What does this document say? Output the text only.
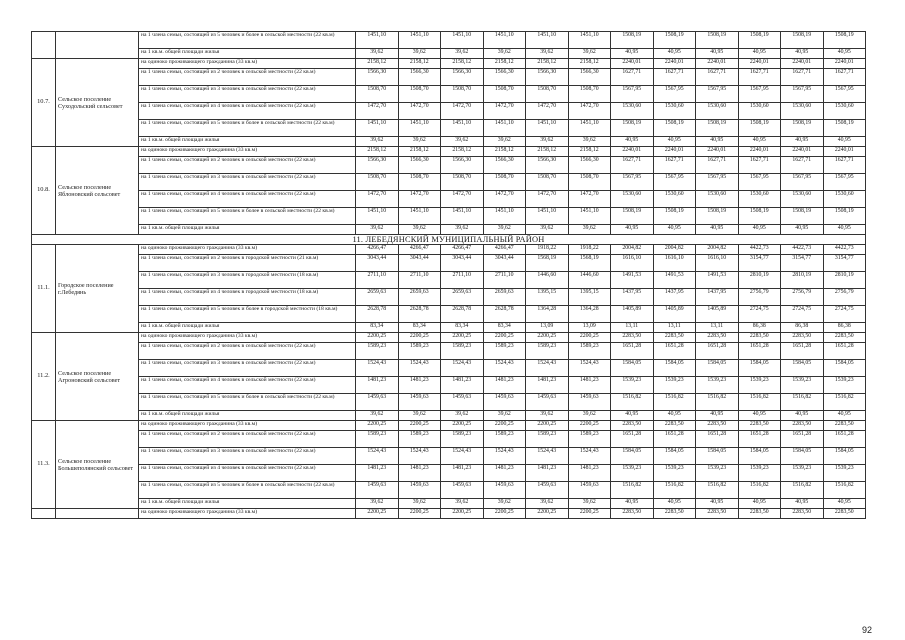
		на 1 члена семьи, состоящей из 5 человек и более в сельской местности (22 кв.м)	1451,10	1451,10	1451,10	1451,10	1451,10	1451,10	1508,19	1508,19	1508,19	1508,19	1508,19	1508,19
		на 1 кв.м. общей площади жилья	39,62	39,62	39,62	39,62	39,62	39,62	40,95	40,95	40,95	40,95	40,95	40,95
10.7.	Сельское поселение Суходольский сельсовет	на одиноко проживающего гражданина (33 кв.м)	2158,12	2158,12	2158,12	2158,12	2158,12	2158,12	2240,01	2240,01	2240,01	2240,01	2240,01	2240,01
		на 1 члена семьи, состоящей из 2 человек в сельской местности (22 кв.м)	1566,30	1566,30	1566,30	1566,30	1566,30	1566,30	1627,71	1627,71	1627,71	1627,71	1627,71	1627,71
		на 1 члена семьи, состоящей из 3 человек в сельской местности (22 кв.м)	1508,70	1508,70	1508,70	1508,70	1508,70	1508,70	1567,95	1567,95	1567,95	1567,95	1567,95	1567,95
		на 1 члена семьи, состоящей из 4 человек в сельской местности (22 кв.м)	1472,70	1472,70	1472,70	1472,70	1472,70	1472,70	1530,60	1530,60	1530,60	1530,60	1530,60	1530,60
		на 1 члена семьи, состоящей из 5 человек и более в сельской местности (22 кв.м)	1451,10	1451,10	1451,10	1451,10	1451,10	1451,10	1508,19	1508,19	1508,19	1508,19	1508,19	1508,19
		на 1 кв.м. общей площади жилья	39,62	39,62	39,62	39,62	39,62	39,62	40,95	40,95	40,95	40,95	40,95	40,95
10.8.	Сельское поселение Яблоновский сельсовет	на одиноко проживающего гражданина (33 кв.м)	2158,12	2158,12	2158,12	2158,12	2158,12	2158,12	2240,01	2240,01	2240,01	2240,01	2240,01	2240,01
		на 1 члена семьи, состоящей из 2 человек в сельской местности (22 кв.м)	1566,30	1566,30	1566,30	1566,30	1566,30	1566,30	1627,71	1627,71	1627,71	1627,71	1627,71	1627,71
		на 1 члена семьи, состоящей из 3 человек в сельской местности (22 кв.м)	1508,70	1508,70	1508,70	1508,70	1508,70	1508,70	1567,95	1567,95	1567,95	1567,95	1567,95	1567,95
		на 1 члена семьи, состоящей из 4 человек в сельской местности (22 кв.м)	1472,70	1472,70	1472,70	1472,70	1472,70	1472,70	1530,60	1530,60	1530,60	1530,60	1530,60	1530,60
		на 1 члена семьи, состоящей из 5 человек и более в сельской местности (22 кв.м)	1451,10	1451,10	1451,10	1451,10	1451,10	1451,10	1508,19	1508,19	1508,19	1508,19	1508,19	1508,19
		на 1 кв.м. общей площади жилья	39,62	39,62	39,62	39,62	39,62	39,62	40,95	40,95	40,95	40,95	40,95	40,95
11. ЛЕБЕДЯНСКИЙ МУНИЦИПАЛЬНЫЙ РАЙОН														
11.1.	Городское поселение г.Лебедянь	на одиноко проживающего гражданина (33 кв.м)	4266,47	4266,47	4266,47	4266,47	1918,22	1918,22	2004,82	2004,82	2004,82	4422,73	4422,73	4422,73
		на 1 члена семьи, состоящей из 2 человек в городской местности (21 кв.м)	3043,44	3043,44	3043,44	3043,44	1568,19	1568,19	1616,10	1616,10	1616,10	3154,77	3154,77	3154,77
		на 1 члена семьи, состоящей из 3 человек в городской местности (18 кв.м)	2711,10	2711,10	2711,10	2711,10	1446,60	1446,60	1491,53	1491,53	1491,53	2810,19	2810,19	2810,19
		на 1 члена семьи, состоящей из 4 человек в городской местности (18 кв.м)	2659,63	2659,63	2659,63	2659,63	1395,15	1395,15	1437,95	1437,95	1437,95	2756,79	2756,79	2756,79
		на 1 члена семьи, состоящей из 5 человек и более в городской местности (18 кв.м)	2628,78	2628,78	2628,78	2628,78	1364,28	1364,28	1405,89	1405,89	1405,89	2724,75	2724,75	2724,75
		на 1 кв.м. общей площади жилья	83,34	83,34	83,34	83,34	13,09	13,09	13,11	13,11	13,11	86,38	86,38	86,38
11.2.	Сельское поселение Агроновский сельсовет	на одиноко проживающего гражданина (33 кв.м)	2200,25	2200,25	2200,25	2200,25	2200,25	2200,25	2283,50	2283,50	2283,50	2283,50	2283,50	2283,50
		на 1 члена семьи, состоящей из 2 человек в сельской местности (22 кв.м)	1589,23	1589,23	1589,23	1589,23	1589,23	1589,23	1651,28	1651,28	1651,28	1651,28	1651,28	1651,28
		на 1 члена семьи, состоящей из 3 человек в сельской местности (22 кв.м)	1524,43	1524,43	1524,43	1524,43	1524,43	1524,43	1584,05	1584,05	1584,05	1584,05	1584,05	1584,05
		на 1 члена семьи, состоящей из 4 человек в сельской местности (22 кв.м)	1481,23	1481,23	1481,23	1481,23	1481,23	1481,23	1539,23	1539,23	1539,23	1539,23	1539,23	1539,23
		на 1 члена семьи, состоящей из 5 человек и более в сельской местности (22 кв.м)	1459,63	1459,63	1459,63	1459,63	1459,63	1459,63	1516,82	1516,82	1516,82	1516,82	1516,82	1516,82
		на 1 кв.м. общей площади жилья	39,62	39,62	39,62	39,62	39,62	39,62	40,95	40,95	40,95	40,95	40,95	40,95
11.3.	Сельское поселение Большеполянский сельсовет	на одиноко проживающего гражданина (33 кв.м)	2200,25	2200,25	2200,25	2200,25	2200,25	2200,25	2283,50	2283,50	2283,50	2283,50	2283,50	2283,50
		на 1 члена семьи, состоящей из 2 человек в сельской местности (22 кв.м)	1589,23	1589,23	1589,23	1589,23	1589,23	1589,23	1651,28	1651,28	1651,28	1651,28	1651,28	1651,28
		на 1 члена семьи, состоящей из 3 человек в сельской местности (22 кв.м)	1524,43	1524,43	1524,43	1524,43	1524,43	1524,43	1584,05	1584,05	1584,05	1584,05	1584,05	1584,05
		на 1 члена семьи, состоящей из 4 человек в сельской местности (22 кв.м)	1481,23	1481,23	1481,23	1481,23	1481,23	1481,23	1539,23	1539,23	1539,23	1539,23	1539,23	1539,23
		на 1 члена семьи, состоящей из 5 человек и более в сельской местности (22 кв.м)	1459,63	1459,63	1459,63	1459,63	1459,63	1459,63	1516,82	1516,82	1516,82	1516,82	1516,82	1516,82
		на 1 кв.м. общей площади жилья	39,62	39,62	39,62	39,62	39,62	39,62	40,95	40,95	40,95	40,95	40,95	40,95
		на одиноко проживающего гражданина (33 кв.м)	2200,25	2200,25	2200,25	2200,25	2200,25	2200,25	2283,50	2283,50	2283,50	2283,50	2283,50	2283,50
92
